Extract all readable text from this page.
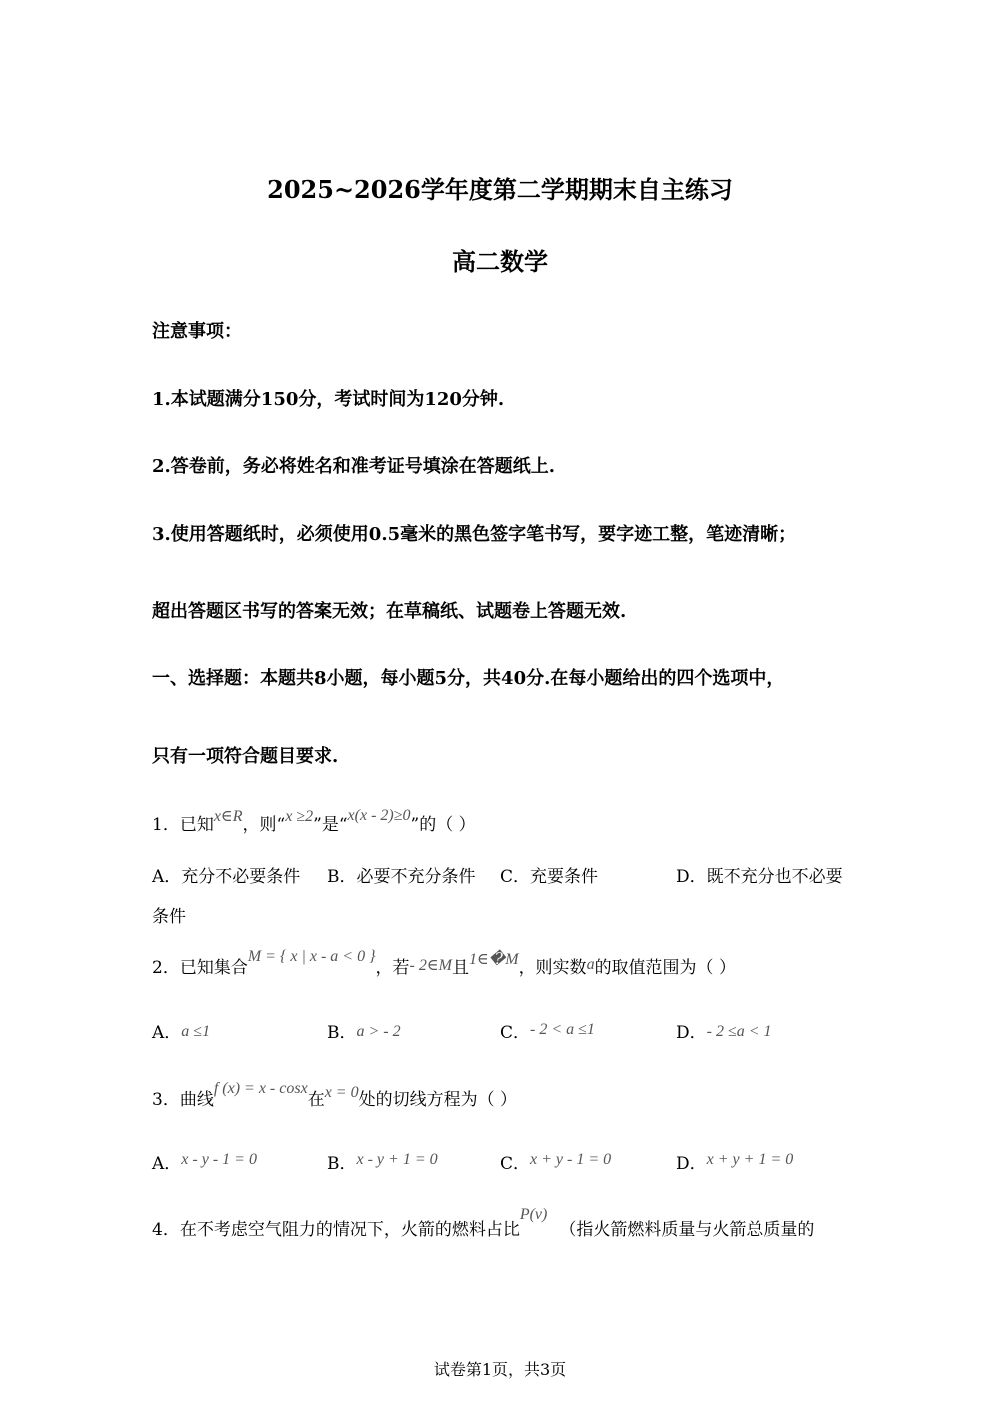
2025~2026学年度第二学期期末自主练习
高二数学
注意事项：
1.本试题满分150分，考试时间为120分钟.
2.答卷前，务必将姓名和准考证号填涂在答题纸上.
3.使用答题纸时，必须使用0.5毫米的黑色签字笔书写，要字迹工整，笔迹清晰；
超出答题区书写的答案无效；在草稿纸、试题卷上答题无效.
一、选择题：本题共8小题，每小题5分，共40分.在每小题给出的四个选项中，
只有一项符合题目要求.
1．已知x∈R，则“x ≥2”是“x(x - 2)≥0”的（ ）
A．充分不必要条件 B．必要不充分条件 C．充要条件	D．既不充分也不必要
条件
2．已知集合M = { x | x - a < 0 }，若- 2∈M且1∈�M，则实数a的取值范围为（ ）
A．a ≤1	B．a > - 2	C．- 2 < a ≤1	D．- 2 ≤a < 1
3．曲线f (x) = x - cosx在x = 0处的切线方程为（ ）
A．x - y - 1 = 0	B．x - y + 1 = 0	C．x + y - 1 = 0	D．x + y + 1 = 0
4．在不考虑空气阻力的情况下，火箭的燃料占比P(v)（指火箭燃料质量与火箭总质量的
试卷第1页，共3页
